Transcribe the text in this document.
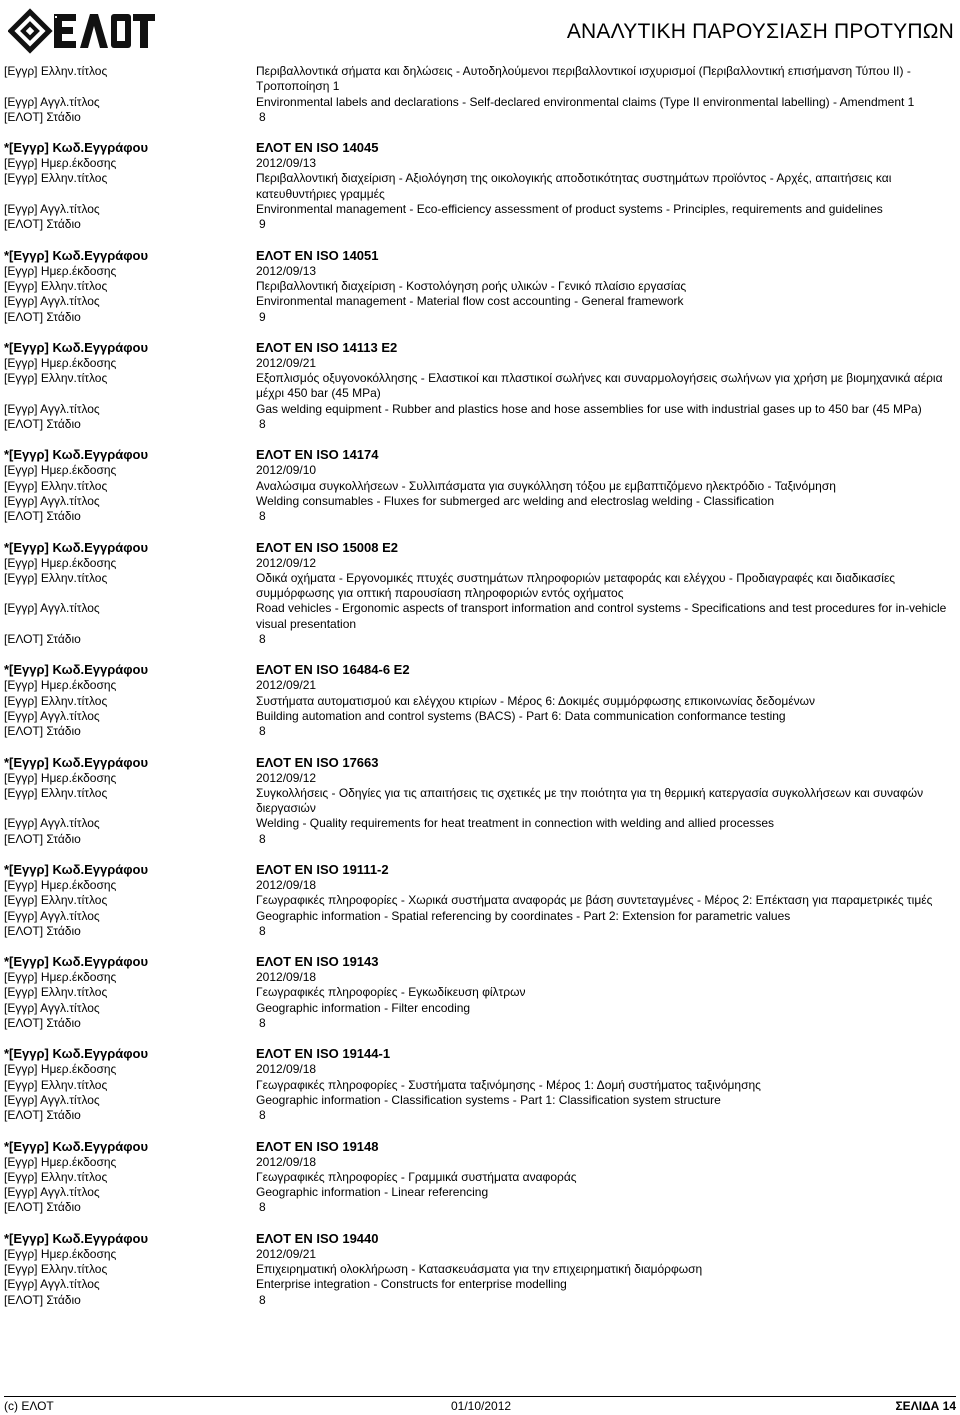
ΑΝΑΛΥΤΙΚΗ ΠΑΡΟΥΣΙΑΣΗ ΠΡΟΤΥΠΩΝ
[Εγγρ] Ελλην.τίτλος	Περιβαλλοντικά σήματα και δηλώσεις - Αυτοδηλούμενοι περιβαλλοντικοί ισχυρισμοί (Περιβαλλοντική επισήμανση Τύπου ΙΙ) - Τροποποίηση 1
[Εγγρ] Αγγλ.τίτλος	Environmental labels and declarations - Self-declared environmental claims (Type II environmental labelling) - Amendment 1
[ΕΛΟΤ] Στάδιο	8
*[Εγγρ] Κωδ.Εγγράφου	ΕΛΟΤ EN ISO 14045
[Εγγρ] Ημερ.έκδοσης	2012/09/13
[Εγγρ] Ελλην.τίτλος	Περιβαλλοντική διαχείριση - Αξιολόγηση της οικολογικής αποδοτικότητας συστημάτων προϊόντος - Αρχές, απαιτήσεις και κατευθυντήριες γραμμές
[Εγγρ] Αγγλ.τίτλος	Environmental management - Eco-efficiency assessment of product systems - Principles, requirements and guidelines
[ΕΛΟΤ] Στάδιο	9
*[Εγγρ] Κωδ.Εγγράφου	ΕΛΟΤ EN ISO 14051
[Εγγρ] Ημερ.έκδοσης	2012/09/13
[Εγγρ] Ελλην.τίτλος	Περιβαλλοντική διαχείριση - Κοστολόγηση ροής υλικών - Γενικό πλαίσιο εργασίας
[Εγγρ] Αγγλ.τίτλος	Environmental management - Material flow cost accounting - General framework
[ΕΛΟΤ] Στάδιο	9
*[Εγγρ] Κωδ.Εγγράφου	ΕΛΟΤ EN ISO 14113 E2
[Εγγρ] Ημερ.έκδοσης	2012/09/21
[Εγγρ] Ελλην.τίτλος	Εξοπλισμός οξυγονοκόλλησης - Ελαστικοί και πλαστικοί σωλήνες και συναρμολογήσεις σωλήνων για χρήση με βιομηχανικά αέρια μέχρι 450 bar (45 MPa)
[Εγγρ] Αγγλ.τίτλος	Gas welding equipment - Rubber and plastics hose and hose assemblies for use with industrial gases up to 450 bar (45 MPa)
[ΕΛΟΤ] Στάδιο	8
*[Εγγρ] Κωδ.Εγγράφου	ΕΛΟΤ EN ISO 14174
[Εγγρ] Ημερ.έκδοσης	2012/09/10
[Εγγρ] Ελλην.τίτλος	Αναλώσιμα συγκολλήσεων - Συλλιπάσματα για συγκόλληση τόξου με εμβαπτιζόμενο ηλεκτρόδιο - Ταξινόμηση
[Εγγρ] Αγγλ.τίτλος	Welding consumables - Fluxes for submerged arc welding and electroslag welding - Classification
[ΕΛΟΤ] Στάδιο	8
*[Εγγρ] Κωδ.Εγγράφου	ΕΛΟΤ EN ISO 15008 E2
[Εγγρ] Ημερ.έκδοσης	2012/09/12
[Εγγρ] Ελλην.τίτλος	Οδικά οχήματα - Εργονομικές πτυχές συστημάτων πληροφοριών μεταφοράς και ελέγχου - Προδιαγραφές και διαδικασίες συμμόρφωσης για οπτική παρουσίαση πληροφοριών εντός οχήματος
[Εγγρ] Αγγλ.τίτλος	Road vehicles - Ergonomic aspects of transport information and control systems - Specifications and test procedures for in-vehicle visual presentation
[ΕΛΟΤ] Στάδιο	8
*[Εγγρ] Κωδ.Εγγράφου	ΕΛΟΤ EN ISO 16484-6 E2
[Εγγρ] Ημερ.έκδοσης	2012/09/21
[Εγγρ] Ελλην.τίτλος	Συστήματα αυτοματισμού και ελέγχου κτιρίων - Μέρος 6: Δοκιμές συμμόρφωσης επικοινωνίας δεδομένων
[Εγγρ] Αγγλ.τίτλος	Building automation and control systems (BACS) - Part 6: Data communication conformance testing
[ΕΛΟΤ] Στάδιο	8
*[Εγγρ] Κωδ.Εγγράφου	ΕΛΟΤ EN ISO 17663
[Εγγρ] Ημερ.έκδοσης	2012/09/12
[Εγγρ] Ελλην.τίτλος	Συγκολλήσεις - Οδηγίες για τις απαιτήσεις τις σχετικές με την ποιότητα για τη θερμική κατεργασία συγκολλήσεων και συναφών διεργασιών
[Εγγρ] Αγγλ.τίτλος	Welding - Quality requirements for heat treatment in connection with welding and allied processes
[ΕΛΟΤ] Στάδιο	8
*[Εγγρ] Κωδ.Εγγράφου	ΕΛΟΤ EN ISO 19111-2
[Εγγρ] Ημερ.έκδοσης	2012/09/18
[Εγγρ] Ελλην.τίτλος	Γεωγραφικές πληροφορίες - Χωρικά συστήματα αναφοράς με βάση συντεταγμένες - Μέρος 2: Επέκταση για παραμετρικές τιμές
[Εγγρ] Αγγλ.τίτλος	Geographic information - Spatial referencing by coordinates - Part 2: Extension for parametric values
[ΕΛΟΤ] Στάδιο	8
*[Εγγρ] Κωδ.Εγγράφου	ΕΛΟΤ EN ISO 19143
[Εγγρ] Ημερ.έκδοσης	2012/09/18
[Εγγρ] Ελλην.τίτλος	Γεωγραφικές πληροφορίες - Εγκωδίκευση φίλτρων
[Εγγρ] Αγγλ.τίτλος	Geographic information - Filter encoding
[ΕΛΟΤ] Στάδιο	8
*[Εγγρ] Κωδ.Εγγράφου	ΕΛΟΤ EN ISO 19144-1
[Εγγρ] Ημερ.έκδοσης	2012/09/18
[Εγγρ] Ελλην.τίτλος	Γεωγραφικές πληροφορίες - Συστήματα ταξινόμησης - Μέρος 1: Δομή συστήματος ταξινόμησης
[Εγγρ] Αγγλ.τίτλος	Geographic information - Classification systems - Part 1: Classification system structure
[ΕΛΟΤ] Στάδιο	8
*[Εγγρ] Κωδ.Εγγράφου	ΕΛΟΤ EN ISO 19148
[Εγγρ] Ημερ.έκδοσης	2012/09/18
[Εγγρ] Ελλην.τίτλος	Γεωγραφικές πληροφορίες - Γραμμικά συστήματα αναφοράς
[Εγγρ] Αγγλ.τίτλος	Geographic information - Linear referencing
[ΕΛΟΤ] Στάδιο	8
*[Εγγρ] Κωδ.Εγγράφου	ΕΛΟΤ EN ISO 19440
[Εγγρ] Ημερ.έκδοσης	2012/09/21
[Εγγρ] Ελλην.τίτλος	Επιχειρηματική ολοκλήρωση - Κατασκευάσματα για την επιχειρηματική διαμόρφωση
[Εγγρ] Αγγλ.τίτλος	Enterprise integration - Constructs for enterprise modelling
[ΕΛΟΤ] Στάδιο	8
(c) ΕΛΟΤ	01/10/2012	ΣΕΛΙΔΑ 14
